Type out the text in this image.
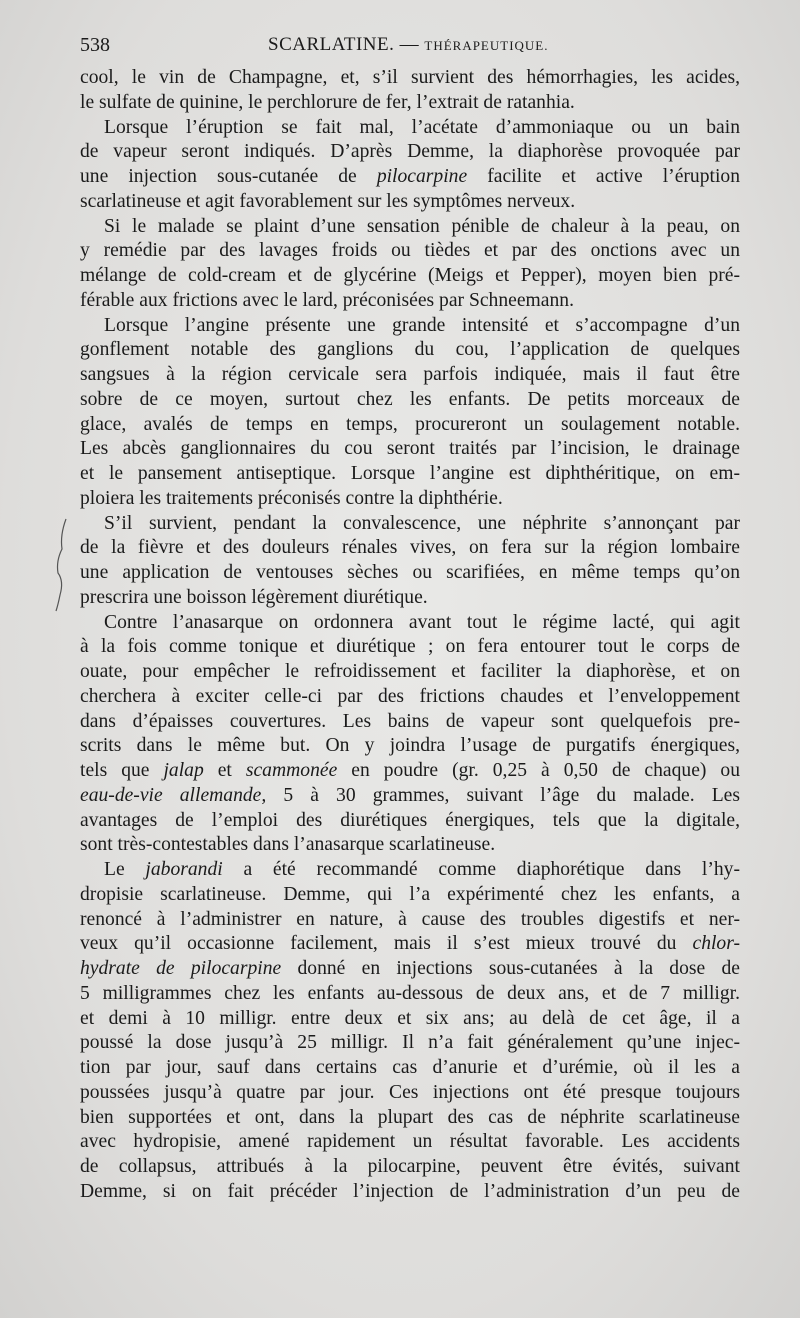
538	SCARLATINE. — THÉRAPEUTIQUE.
cool, le vin de Champagne, et, s’il survient des hémorrhagies, les acides,
le sulfate de quinine, le perchlorure de fer, l’extrait de ratanhia.
Lorsque l’éruption se fait mal, l’acétate d’ammoniaque ou un bain
de vapeur seront indiqués. D’après Demme, la diaphorèse provoquée par
une injection sous-cutanée de pilocarpine facilite et active l’éruption
scarlatineuse et agit favorablement sur les symptômes nerveux.
Si le malade se plaint d’une sensation pénible de chaleur à la peau, on
y remédie par des lavages froids ou tièdes et par des onctions avec un
mélange de cold-cream et de glycérine (Meigs et Pepper), moyen bien pré-
férable aux frictions avec le lard, préconisées par Schneemann.
Lorsque l’angine présente une grande intensité et s’accompagne d’un
gonflement notable des ganglions du cou, l’application de quelques
sangsues à la région cervicale sera parfois indiquée, mais il faut être
sobre de ce moyen, surtout chez les enfants. De petits morceaux de
glace, avalés de temps en temps, procureront un soulagement notable.
Les abcès ganglionnaires du cou seront traités par l’incision, le drainage
et le pansement antiseptique. Lorsque l’angine est diphthéritique, on em-
ploiera les traitements préconisés contre la diphthérie.
S’il survient, pendant la convalescence, une néphrite s’annonçant par
de la fièvre et des douleurs rénales vives, on fera sur la région lombaire
une application de ventouses sèches ou scarifiées, en même temps qu’on
prescrira une boisson légèrement diurétique.
Contre l’anasarque on ordonnera avant tout le régime lacté, qui agit
à la fois comme tonique et diurétique ; on fera entourer tout le corps de
ouate, pour empêcher le refroidissement et faciliter la diaphorèse, et on
cherchera à exciter celle-ci par des frictions chaudes et l’enveloppement
dans d’épaisses couvertures. Les bains de vapeur sont quelquefois pre-
scrits dans le même but. On y joindra l’usage de purgatifs énergiques,
tels que jalap et scammonée en poudre (gr. 0,25 à 0,50 de chaque) ou
eau-de-vie allemande, 5 à 30 grammes, suivant l’âge du malade. Les
avantages de l’emploi des diurétiques énergiques, tels que la digitale,
sont très-contestables dans l’anasarque scarlatineuse.
Le jaborandi a été recommandé comme diaphorétique dans l’hy-
dropisie scarlatineuse. Demme, qui l’a expérimenté chez les enfants, a
renoncé à l’administrer en nature, à cause des troubles digestifs et ner-
veux qu’il occasionne facilement, mais il s’est mieux trouvé du chlor-
hydrate de pilocarpine donné en injections sous-cutanées à la dose de
5 milligrammes chez les enfants au-dessous de deux ans, et de 7 milligr.
et demi à 10 milligr. entre deux et six ans; au delà de cet âge, il a
poussé la dose jusqu’à 25 milligr. Il n’a fait généralement qu’une injec-
tion par jour, sauf dans certains cas d’anurie et d’urémie, où il les a
poussées jusqu’à quatre par jour. Ces injections ont été presque toujours
bien supportées et ont, dans la plupart des cas de néphrite scarlatineuse
avec hydropisie, amené rapidement un résultat favorable. Les accidents
de collapsus, attribués à la pilocarpine, peuvent être évités, suivant
Demme, si on fait précéder l’injection de l’administration d’un peu de
